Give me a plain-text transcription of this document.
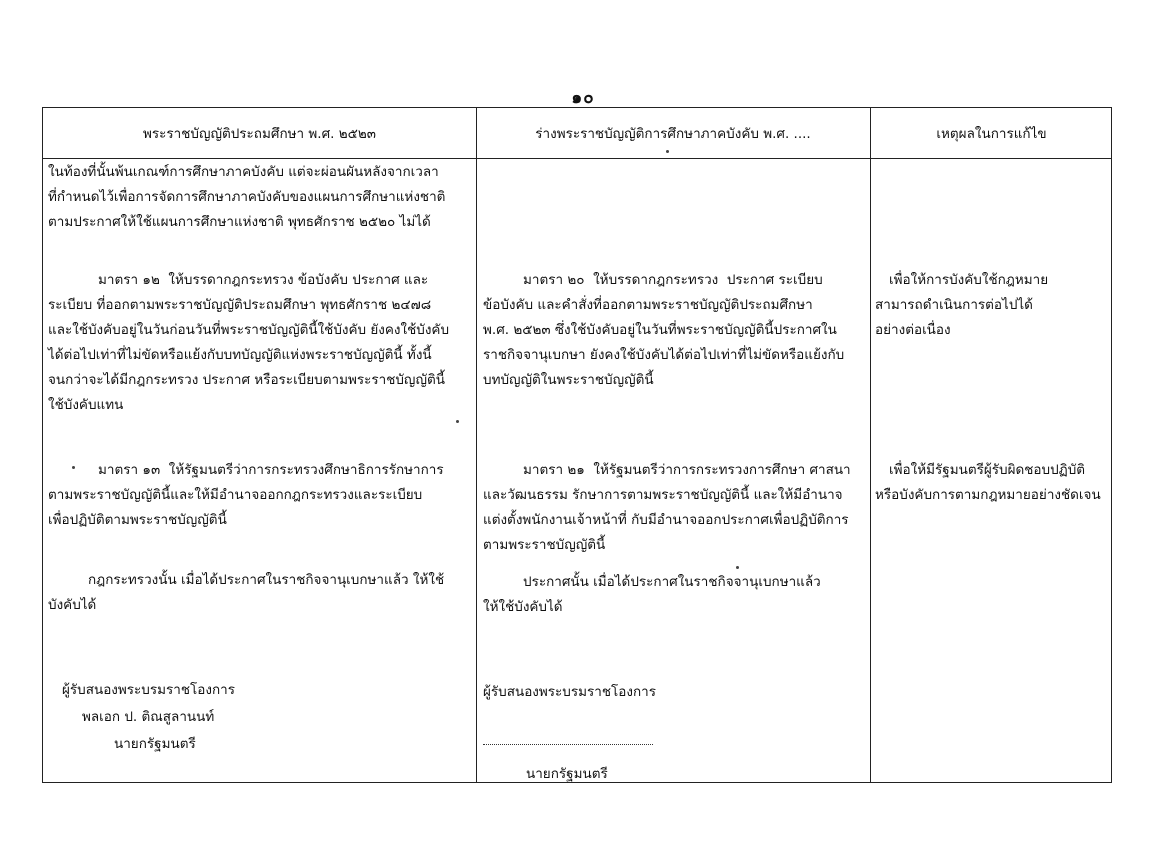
๑๐
พระราชบัญญัติประถมศึกษา พ.ศ. ๒๕๒๓	ร่างพระราชบัญญัติการศึกษาภาคบังคับ พ.ศ. ....	เหตุผลในการแก้ไข
ในท้องที่นั้นพ้นเกณฑ์การศึกษาภาคบังคับ แต่จะผ่อนผันหลังจากเวลา
ที่กำหนดไว้เพื่อการจัดการศึกษาภาคบังคับของแผนการศึกษาแห่งชาติ
ตามประกาศให้ใช้แผนการศึกษาแห่งชาติ พุทธศักราช ๒๕๒๐ ไม่ได้
มาตรา ๑๒  ให้บรรดากฎกระทรวง ข้อบังคับ ประกาศ และ
ระเบียบ ที่ออกตามพระราชบัญญัติประถมศึกษา พุทธศักราช ๒๔๗๘
และใช้บังคับอยู่ในวันก่อนวันที่พระราชบัญญัตินี้ใช้บังคับ ยังคงใช้บังคับ
ได้ต่อไปเท่าที่ไม่ขัดหรือแย้งกับบทบัญญัติแห่งพระราชบัญญัตินี้ ทั้งนี้
จนกว่าจะได้มีกฎกระทรวง ประกาศ หรือระเบียบตามพระราชบัญญัตินี้
ใช้บังคับแทน
มาตรา ๑๓  ให้รัฐมนตรีว่าการกระทรวงศึกษาธิการรักษาการ
ตามพระราชบัญญัตินี้และให้มีอำนาจออกกฎกระทรวงและระเบียบ
เพื่อปฏิบัติตามพระราชบัญญัตินี้
กฎกระทรวงนั้น เมื่อได้ประกาศในราชกิจจานุเบกษาแล้ว ให้ใช้
บังคับได้
ผู้รับสนองพระบรมราชโองการ
พลเอก ป. ติณสูลานนท์
นายกรัฐมนตรี
มาตรา ๒๐  ให้บรรดากฎกระทรวง  ประกาศ ระเบียบ
ข้อบังคับ และคำสั่งที่ออกตามพระราชบัญญัติประถมศึกษา
พ.ศ. ๒๕๒๓ ซึ่งใช้บังคับอยู่ในวันที่พระราชบัญญัตินี้ประกาศใน
ราชกิจจานุเบกษา ยังคงใช้บังคับได้ต่อไปเท่าที่ไม่ขัดหรือแย้งกับ
บทบัญญัติในพระราชบัญญัตินี้
มาตรา ๒๑  ให้รัฐมนตรีว่าการกระทรวงการศึกษา ศาสนา
และวัฒนธรรม รักษาการตามพระราชบัญญัตินี้ และให้มีอำนาจ
แต่งตั้งพนักงานเจ้าหน้าที่ กับมีอำนาจออกประกาศเพื่อปฏิบัติการ
ตามพระราชบัญญัตินี้
ประกาศนั้น เมื่อได้ประกาศในราชกิจจานุเบกษาแล้ว
ให้ใช้บังคับได้
ผู้รับสนองพระบรมราชโองการ
นายกรัฐมนตรี
เพื่อให้การบังคับใช้กฎหมาย
สามารถดำเนินการต่อไปได้
อย่างต่อเนื่อง
เพื่อให้มีรัฐมนตรีผู้รับผิดชอบปฏิบัติ
หรือบังคับการตามกฎหมายอย่างชัดเจน
